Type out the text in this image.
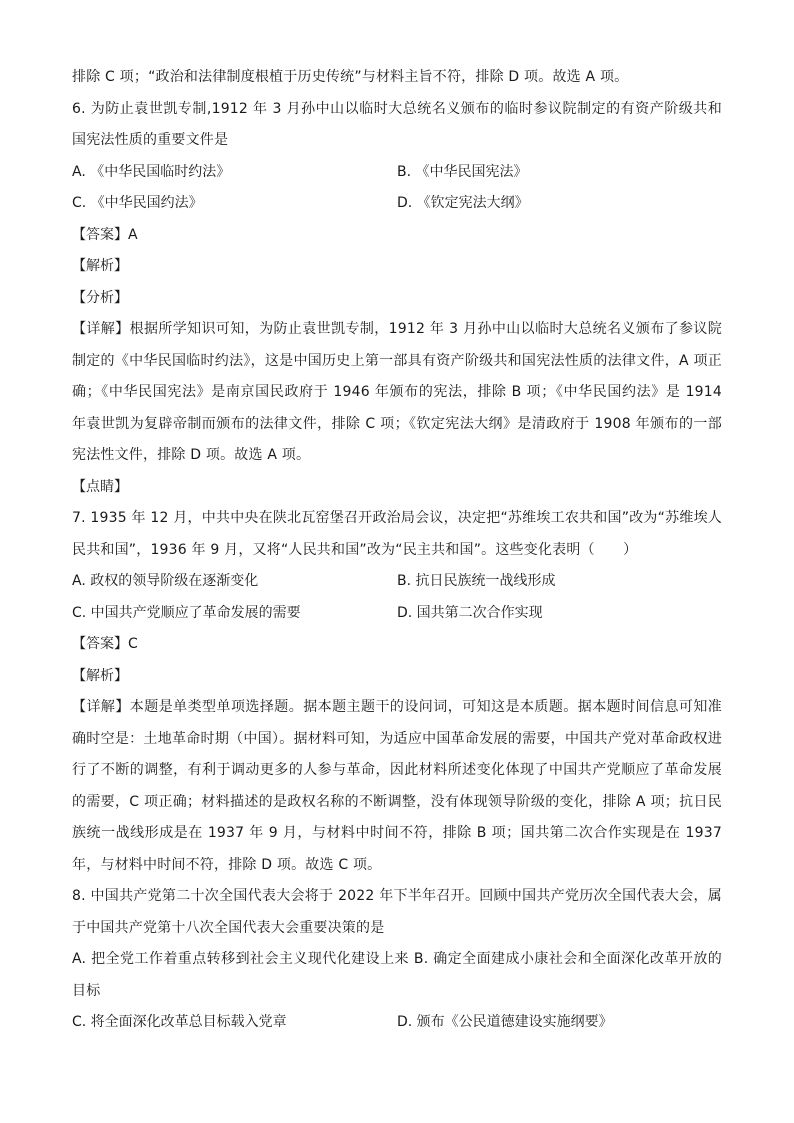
排除 C 项；“政治和法律制度根植于历史传统”与材料主旨不符，排除 D 项。故选 A 项。
6. 为防止袁世凯专制,1912 年 3 月孙中山以临时大总统名义颁布的临时参议院制定的有资产阶级共和国宪法性质的重要文件是
A. 《中华民国临时约法》	B. 《中华民国宪法》
C. 《中华民国约法》	D. 《钦定宪法大纲》
【答案】A
【解析】
【分析】
【详解】根据所学知识可知，为防止袁世凯专制，1912 年 3 月孙中山以临时大总统名义颁布了参议院制定的《中华民国临时约法》，这是中国历史上第一部具有资产阶级共和国宪法性质的法律文件，A 项正确；《中华民国宪法》是南京国民政府于 1946 年颁布的宪法，排除 B 项；《中华民国约法》是 1914 年袁世凯为复辟帝制而颁布的法律文件，排除 C 项；《钦定宪法大纲》是清政府于 1908 年颁布的一部宪法性文件，排除 D 项。故选 A 项。
【点睛】
7. 1935 年 12 月，中共中央在陕北瓦窑堡召开政治局会议，决定把“苏维埃工农共和国”改为“苏维埃人民共和国”，1936 年 9 月，又将“人民共和国”改为“民主共和国”。这些变化表明（　　）
A. 政权的领导阶级在逐渐变化	B. 抗日民族统一战线形成
C. 中国共产党顺应了革命发展的需要	D. 国共第二次合作实现
【答案】C
【解析】
【详解】本题是单类型单项选择题。据本题主题干的设问词，可知这是本质题。据本题时间信息可知准确时空是：土地革命时期（中国）。据材料可知，为适应中国革命发展的需要，中国共产党对革命政权进行了不断的调整，有利于调动更多的人参与革命，因此材料所述变化体现了中国共产党顺应了革命发展的需要，C 项正确；材料描述的是政权名称的不断调整，没有体现领导阶级的变化，排除 A 项；抗日民族统一战线形成是在 1937 年 9 月，与材料中时间不符，排除 B 项；国共第二次合作实现是在 1937 年，与材料中时间不符，排除 D 项。故选 C 项。
8. 中国共产党第二十次全国代表大会将于 2022 年下半年召开。回顾中国共产党历次全国代表大会，属于中国共产党第十八次全国代表大会重要决策的是
A. 把全党工作着重点转移到社会主义现代化建设上来 B. 确定全面建成小康社会和全面深化改革开放的目标
C. 将全面深化改革总目标载入党章	D. 颁布《公民道德建设实施纲要》
